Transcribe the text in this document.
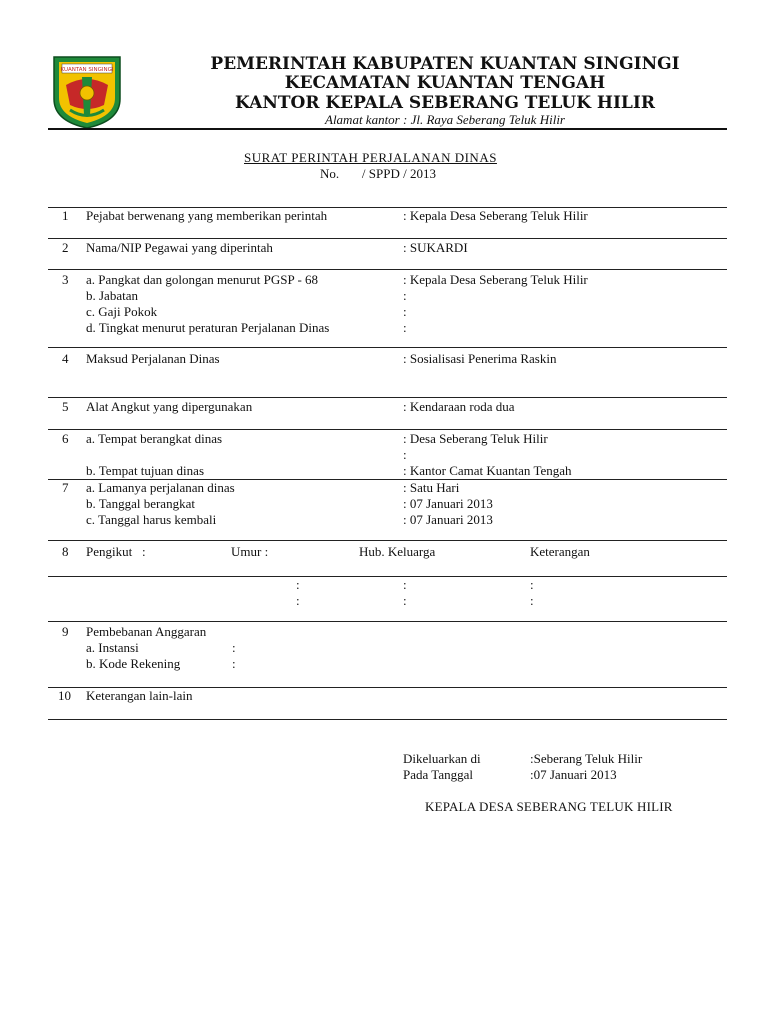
KUANTAN SINGINGI	PEMERINTAH KABUPATEN KUANTAN SINGINGI
KECAMATAN KUANTAN TENGAH
KANTOR KEPALA SEBERANG TELUK HILIR
Alamat kantor : Jl. Raya Seberang Teluk Hilir
SURAT PERINTAH PERJALANAN DINAS
No.       / SPPD / 2013
1 Pejabat berwenang yang memberikan perintah	: Kepala Desa Seberang Teluk Hilir
2 Nama/NIP Pegawai yang diperintah	: SUKARDI
3 a. Pangkat dan golongan menurut PGSP - 68	: Kepala Desa Seberang Teluk Hilir
b. Jabatan	:
c. Gaji Pokok	:
d. Tingkat menurut peraturan Perjalanan Dinas	:
4 Maksud Perjalanan Dinas	: Sosialisasi Penerima Raskin
5 Alat Angkut yang dipergunakan	: Kendaraan roda dua
6 a. Tempat berangkat dinas	: Desa Seberang Teluk Hilir
:
b. Tempat tujuan dinas	: Kantor Camat Kuantan Tengah
7 a. Lamanya perjalanan dinas	: Satu Hari
b. Tanggal berangkat	: 07 Januari 2013
c. Tanggal harus kembali	: 07 Januari 2013
8 Pengikut   :	Umur :	Hub. Keluarga	Keterangan
:	:	:
:	:	:
9 Pembebanan Anggaran
a. Instansi	:
b. Kode Rekening	:
10 Keterangan lain-lain
Dikeluarkan di	:Seberang Teluk Hilir
Pada Tanggal	:07 Januari 2013
KEPALA DESA SEBERANG TELUK HILIR
